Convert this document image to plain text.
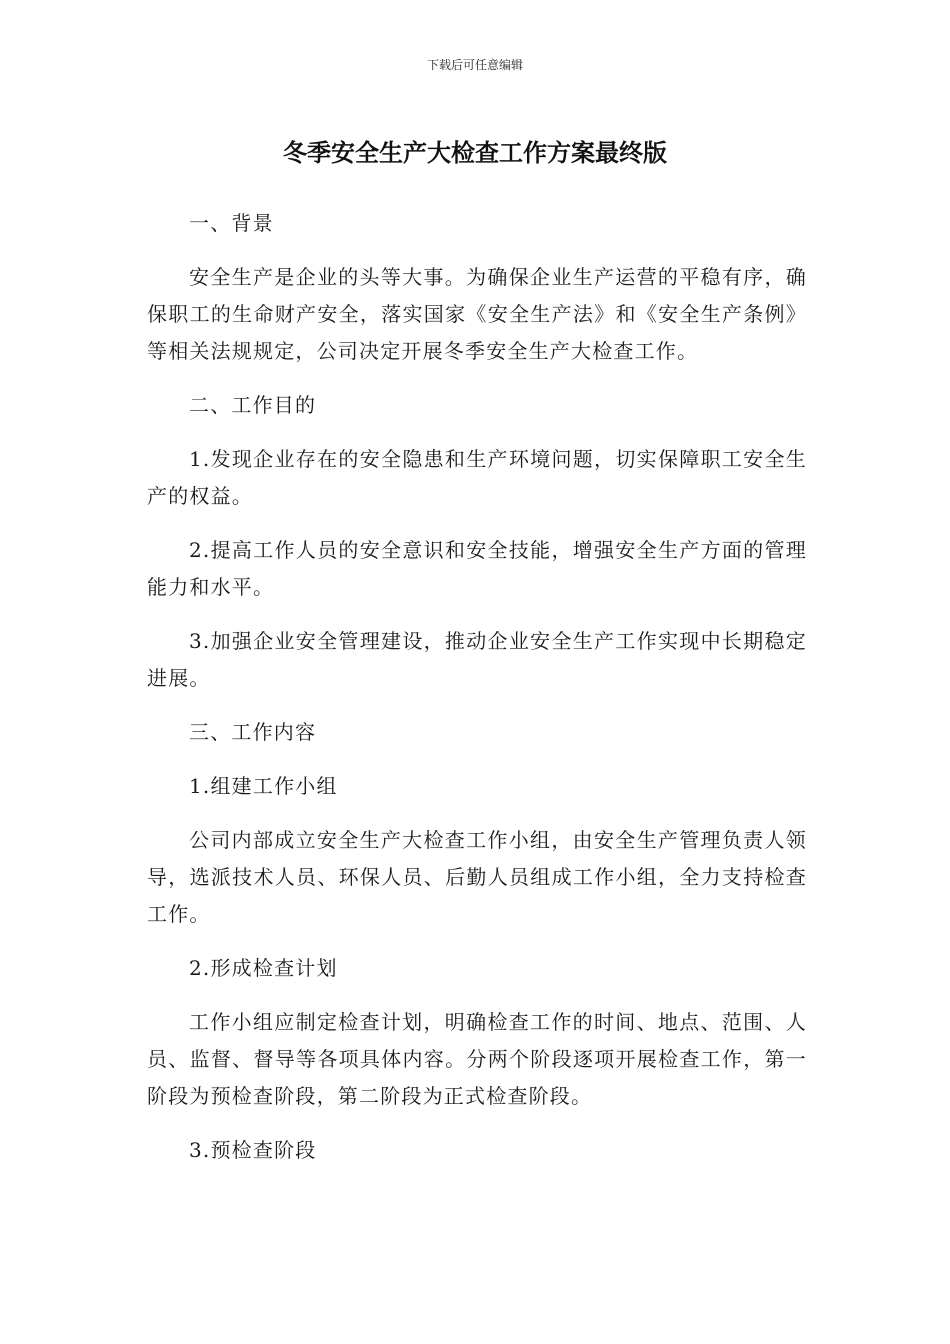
下载后可任意编辑
冬季安全生产大检查工作方案最终版

一、背景

安全生产是企业的头等大事。为确保企业生产运营的平稳有序，确保职工的生命财产安全，落实国家《安全生产法》和《安全生产条例》等相关法规规定，公司决定开展冬季安全生产大检查工作。

二、工作目的

1.发现企业存在的安全隐患和生产环境问题，切实保障职工安全生产的权益。

2.提高工作人员的安全意识和安全技能，增强安全生产方面的管理能力和水平。

3.加强企业安全管理建设，推动企业安全生产工作实现中长期稳定进展。

三、工作内容

1.组建工作小组

公司内部成立安全生产大检查工作小组，由安全生产管理负责人领导，选派技术人员、环保人员、后勤人员组成工作小组，全力支持检查工作。

2.形成检查计划

工作小组应制定检查计划，明确检查工作的时间、地点、范围、人员、监督、督导等各项具体内容。分两个阶段逐项开展检查工作，第一阶段为预检查阶段，第二阶段为正式检查阶段。

3.预检查阶段
